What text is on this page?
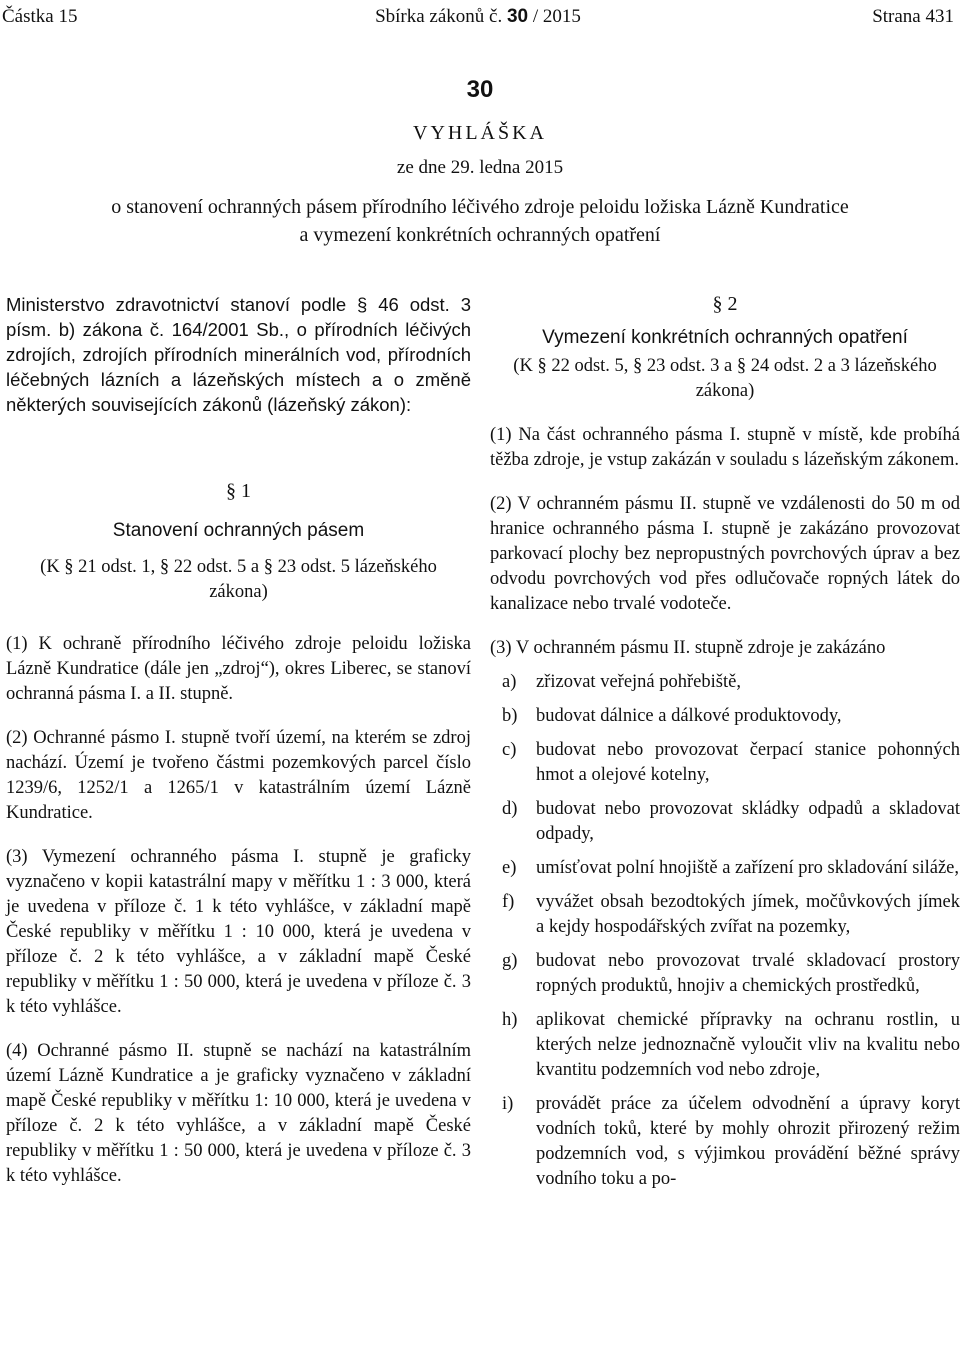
Částka 15	Sbírka zákonů č. 30 / 2015	Strana 431
30
VYHLÁŠKA
ze dne 29. ledna 2015
o stanovení ochranných pásem přírodního léčivého zdroje peloidu ložiska Lázně Kundratice
a vymezení konkrétních ochranných opatření

Ministerstvo zdravotnictví stanoví podle § 46 odst. 3 písm. b) zákona č. 164/2001 Sb., o přírodních léčivých zdrojích, zdrojích přírodních minerálních vod, přírodních léčebných lázních a lázeňských místech a o změně některých souvisejících zákonů (lázeňský zákon):

§ 1
Stanovení ochranných pásem

(K § 21 odst. 1, § 22 odst. 5 a § 23 odst. 5 lázeňského zákona)

(1) K ochraně přírodního léčivého zdroje peloidu ložiska Lázně Kundratice (dále jen „zdroj“), okres Liberec, se stanoví ochranná pásma I. a II. stupně.

(2) Ochranné pásmo I. stupně tvoří území, na kterém se zdroj nachází. Území je tvořeno částmi pozemkových parcel číslo 1239/6, 1252/1 a 1265/1 v katastrálním území Lázně Kundratice.

(3) Vymezení ochranného pásma I. stupně je graficky vyznačeno v kopii katastrální mapy v měřítku 1 : 3 000, která je uvedena v příloze č. 1 k této vyhlášce, v základní mapě České republiky v měřítku 1 : 10 000, která je uvedena v příloze č. 2 k této vyhlášce, a v základní mapě České republiky v měřítku 1 : 50 000, která je uvedena v příloze č. 3 k této vyhlášce.

(4) Ochranné pásmo II. stupně se nachází na katastrálním území Lázně Kundratice a je graficky vyznačeno v základní mapě České republiky v měřítku 1: 10 000, která je uvedena v příloze č. 2 k této vyhlášce, a v základní mapě České republiky v měřítku 1 : 50 000, která je uvedena v příloze č. 3 k této vyhlášce.

§ 2
Vymezení konkrétních ochranných opatření

(K § 22 odst. 5, § 23 odst. 3 a § 24 odst. 2 a 3 lázeňského zákona)

(1) Na část ochranného pásma I. stupně v místě, kde probíhá těžba zdroje, je vstup zakázán v souladu s lázeňským zákonem.

(2) V ochranném pásmu II. stupně ve vzdálenosti do 50 m od hranice ochranného pásma I. stupně je zakázáno provozovat parkovací plochy bez nepropustných povrchových úprav a bez odvodu povrchových vod přes odlučovače ropných látek do kanalizace nebo trvalé vodoteče.

(3) V ochranném pásmu II. stupně zdroje je zakázáno

a) zřizovat veřejná pohřebiště,
b) budovat dálnice a dálkové produktovody,
c) budovat nebo provozovat čerpací stanice pohonných hmot a olejové kotelny,
d) budovat nebo provozovat skládky odpadů a skladovat odpady,
e) umísťovat polní hnojiště a zařízení pro skladování siláže,
f) vyvážet obsah bezodtokých jímek, močůvkových jímek a kejdy hospodářských zvířat na pozemky,
g) budovat nebo provozovat trvalé skladovací prostory ropných produktů, hnojiv a chemických prostředků,
h) aplikovat chemické přípravky na ochranu rostlin, u kterých nelze jednoznačně vyloučit vliv na kvalitu nebo kvantitu podzemních vod nebo zdroje,
i) provádět práce za účelem odvodnění a úpravy koryt vodních toků, které by mohly ohrozit přirozený režim podzemních vod, s výjimkou provádění běžné správy vodního toku a po-
